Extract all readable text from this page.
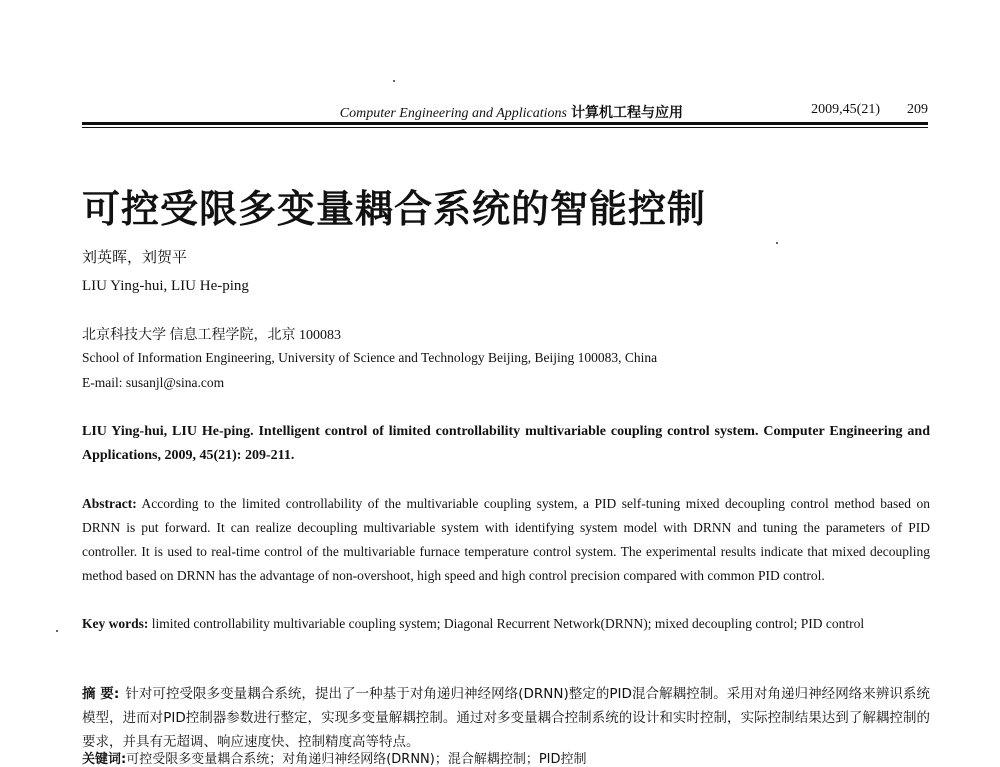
Computer Engineering and Applications 计算机工程与应用	2009,45(21) 209
可控受限多变量耦合系统的智能控制
刘英晖，刘贺平
LIU Ying-hui, LIU He-ping
北京科技大学 信息工程学院，北京 100083
School of Information Engineering, University of Science and Technology Beijing, Beijing 100083, China
E-mail: susanjl@sina.com
LIU Ying-hui, LIU He-ping. Intelligent control of limited controllability multivariable coupling control system. Computer Engineering and Applications, 2009, 45(21): 209-211.
Abstract: According to the limited controllability of the multivariable coupling system, a PID self-tuning mixed decoupling control method based on DRNN is put forward. It can realize decoupling multivariable system with identifying system model with DRNN and tuning the parameters of PID controller. It is used to real-time control of the multivariable furnace temperature control system. The experimental results indicate that mixed decoupling method based on DRNN has the advantage of non-overshoot, high speed and high control precision compared with common PID control.
Key words: limited controllability multivariable coupling system; Diagonal Recurrent Network(DRNN); mixed decoupling control; PID control
摘 要: 针对可控受限多变量耦合系统，提出了一种基于对角递归神经网络(DRNN)整定的PID混合解耦控制。采用对角递归神经网络来辨识系统模型，进而对PID控制器参数进行整定，实现多变量解耦控制。通过对多变量耦合控制系统的设计和实时控制，实际控制结果达到了解耦控制的要求，并具有无超调、响应速度快、控制精度高等特点。
关键词:可控受限多变量耦合系统；对角递归神经网络(DRNN)；混合解耦控制；PID控制
